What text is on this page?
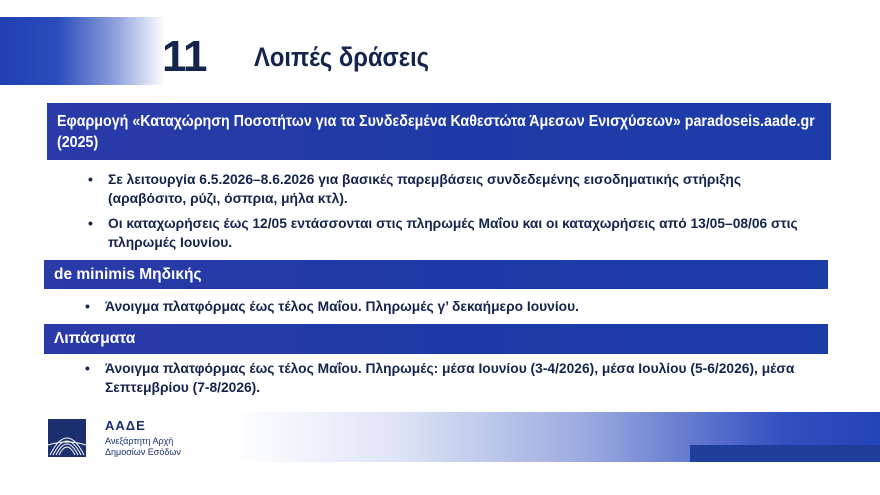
11 Λοιπές δράσεις
Εφαρμογή «Καταχώρηση Ποσοτήτων για τα Συνδεδεμένα Καθεστώτα Άμεσων Ενισχύσεων» paradoseis.aade.gr
(2025)
• Σε λειτουργία 6.5.2026–8.6.2026 για βασικές παρεμβάσεις συνδεδεμένης εισοδηματικής στήριξης (αραβόσιτο, ρύζι, όσπρια, μήλα κτλ).
• Οι καταχωρήσεις έως 12/05 εντάσσονται στις πληρωμές Μαΐου και οι καταχωρήσεις από 13/05–08/06 στις πληρωμές Ιουνίου.
de minimis Μηδικής
• Άνοιγμα πλατφόρμας έως τέλος Μαΐου. Πληρωμές γ’ δεκαήμερο Ιουνίου.
Λιπάσματα
• Άνοιγμα πλατφόρμας έως τέλος Μαΐου. Πληρωμές: μέσα Ιουνίου (3-4/2026), μέσα Ιουλίου (5-6/2026), μέσα Σεπτεμβρίου (7-8/2026).
ΑΑΔΕ
Ανεξάρτητη Αρχή
Δημοσίων Εσόδων
